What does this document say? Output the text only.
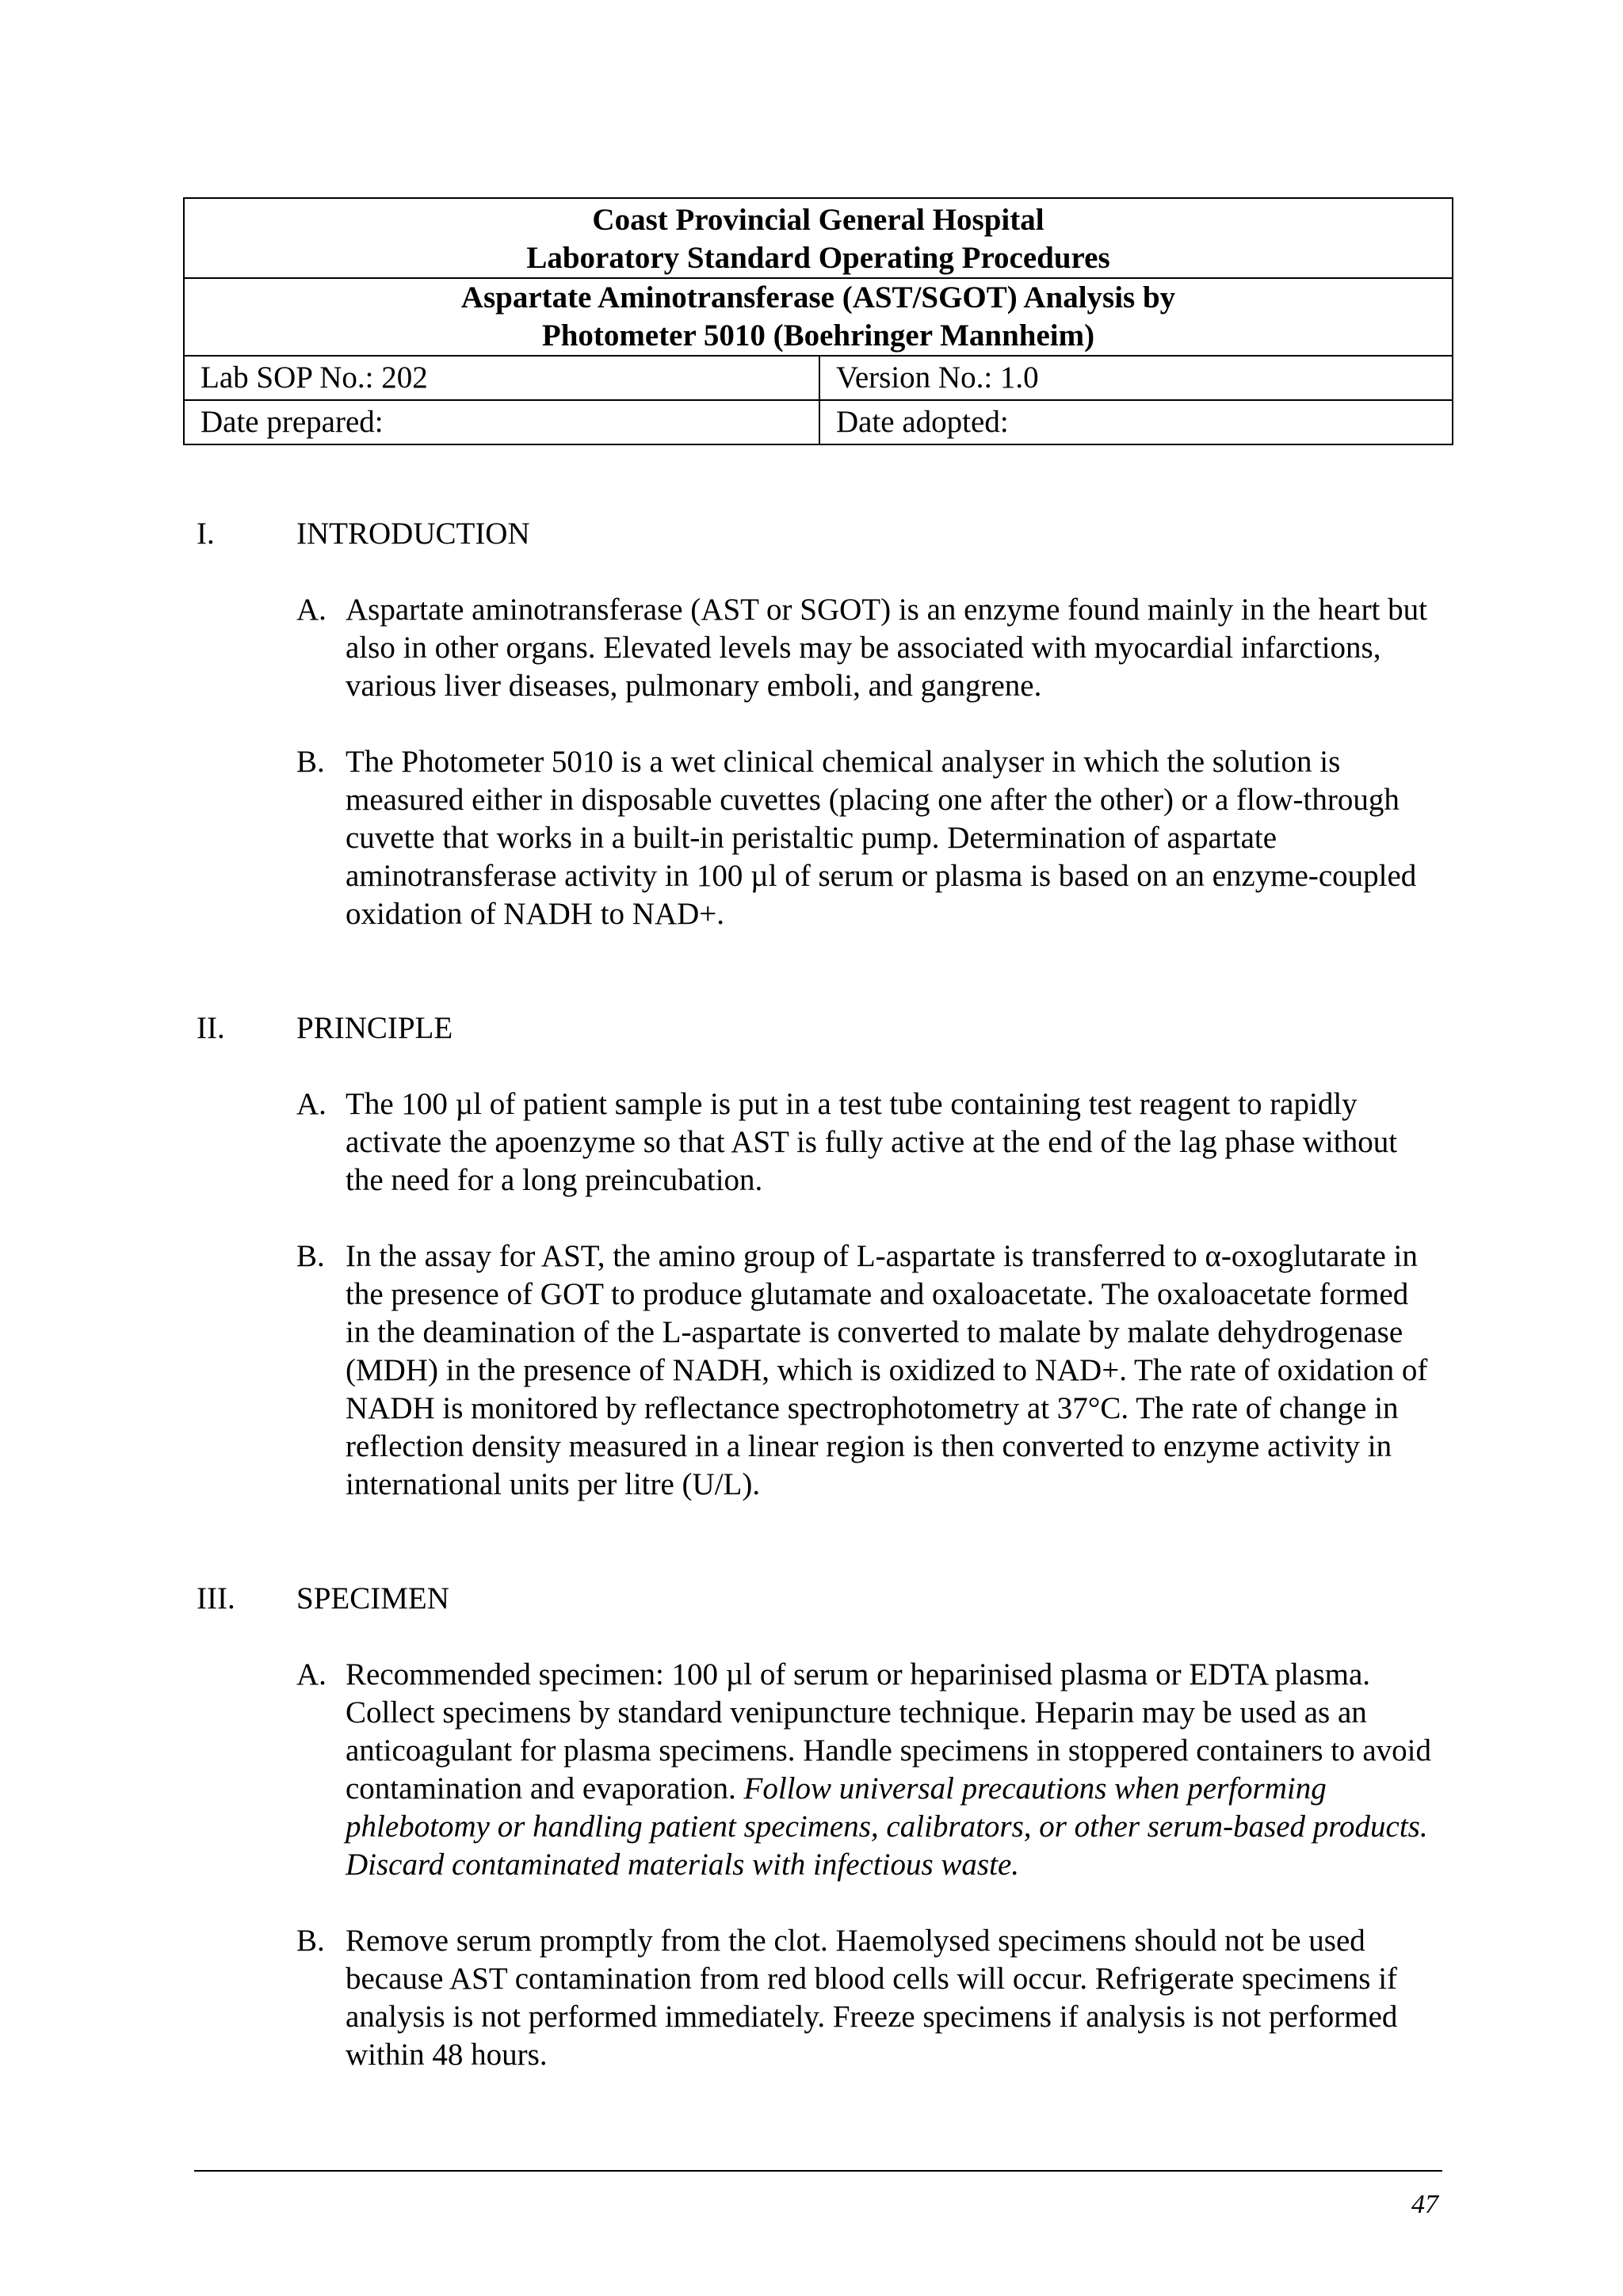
Coast Provincial General Hospital
Laboratory Standard Operating Procedures	

Aspartate Aminotransferase (AST/SGOT) Analysis by
Photometer 5010 (Boehringer Mannheim)	

Lab SOP No.: 202	Version No.: 1.0
Date prepared:	Date adopted:
I.	INTRODUCTION
A. Aspartate aminotransferase (AST or SGOT) is an enzyme found mainly in the heart but also in other organs. Elevated levels may be associated with myocardial infarctions, various liver diseases, pulmonary emboli, and gangrene.
B. The Photometer 5010 is a wet clinical chemical analyser in which the solution is measured either in disposable cuvettes (placing one after the other) or a flow-through cuvette that works in a built-in peristaltic pump. Determination of aspartate aminotransferase activity in 100 µl of serum or plasma is based on an enzyme-coupled oxidation of NADH to NAD+.
II.	PRINCIPLE
A. The 100 µl of patient sample is put in a test tube containing test reagent to rapidly activate the apoenzyme so that AST is fully active at the end of the lag phase without the need for a long preincubation.
B. In the assay for AST, the amino group of L-aspartate is transferred to α-oxoglutarate in the presence of GOT to produce glutamate and oxaloacetate. The oxaloacetate formed in the deamination of the L-aspartate is converted to malate by malate dehydrogenase (MDH) in the presence of NADH, which is oxidized to NAD+. The rate of oxidation of NADH is monitored by reflectance spectrophotometry at 37°C. The rate of change in reflection density measured in a linear region is then converted to enzyme activity in international units per litre (U/L).
III.	SPECIMEN
A. Recommended specimen: 100 µl of serum or heparinised plasma or EDTA plasma. Collect specimens by standard venipuncture technique. Heparin may be used as an anticoagulant for plasma specimens. Handle specimens in stoppered containers to avoid contamination and evaporation. Follow universal precautions when performing phlebotomy or handling patient specimens, calibrators, or other serum-based products. Discard contaminated materials with infectious waste.
B. Remove serum promptly from the clot. Haemolysed specimens should not be used because AST contamination from red blood cells will occur. Refrigerate specimens if analysis is not performed immediately. Freeze specimens if analysis is not performed within 48 hours.
47
